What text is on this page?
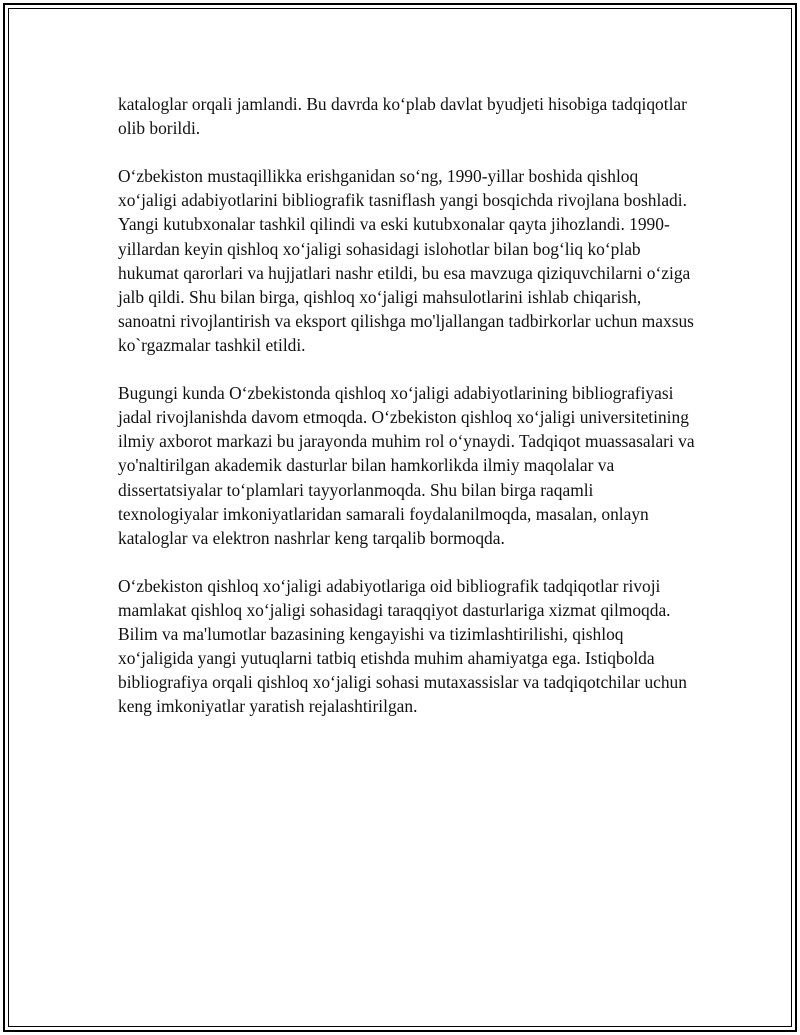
kataloglar orqali jamlandi. Bu davrda ko‘plab davlat byudjeti hisobiga tadqiqotlar olib borildi.

O‘zbekiston mustaqillikka erishganidan so‘ng, 1990-yillar boshida qishloq xo‘jaligi adabiyotlarini bibliografik tasniflash yangi bosqichda rivojlana boshladi. Yangi kutubxonalar tashkil qilindi va eski kutubxonalar qayta jihozlandi. 1990-yillardan keyin qishloq xo‘jaligi sohasidagi islohotlar bilan bog‘liq ko‘plab hukumat qarorlari va hujjatlari nashr etildi, bu esa mavzuga qiziquvchilarni o‘ziga jalb qildi. Shu bilan birga, qishloq xo‘jaligi mahsulotlarini ishlab chiqarish, sanoatni rivojlantirish va eksport qilishga mo'ljallangan tadbirkorlar uchun maxsus ko`rgazmalar tashkil etildi.

Bugungi kunda O‘zbekistonda qishloq xo‘jaligi adabiyotlarining bibliografiyasi jadal rivojlanishda davom etmoqda. O‘zbekiston qishloq xo‘jaligi universitetining ilmiy axborot markazi bu jarayonda muhim rol o‘ynaydi. Tadqiqot muassasalari va yo'naltirilgan akademik dasturlar bilan hamkorlikda ilmiy maqolalar va dissertatsiyalar to‘plamlari tayyorlanmoqda. Shu bilan birga raqamli texnologiyalar imkoniyatlaridan samarali foydalanilmoqda, masalan, onlayn kataloglar va elektron nashrlar keng tarqalib bormoqda.

O‘zbekiston qishloq xo‘jaligi adabiyotlariga oid bibliografik tadqiqotlar rivoji mamlakat qishloq xo‘jaligi sohasidagi taraqqiyot dasturlariga xizmat qilmoqda. Bilim va ma'lumotlar bazasining kengayishi va tizimlashtirilishi, qishloq xo‘jaligida yangi yutuqlarni tatbiq etishda muhim ahamiyatga ega. Istiqbolda bibliografiya orqali qishloq xo‘jaligi sohasi mutaxassislar va tadqiqotchilar uchun keng imkoniyatlar yaratish rejalashtirilgan.
